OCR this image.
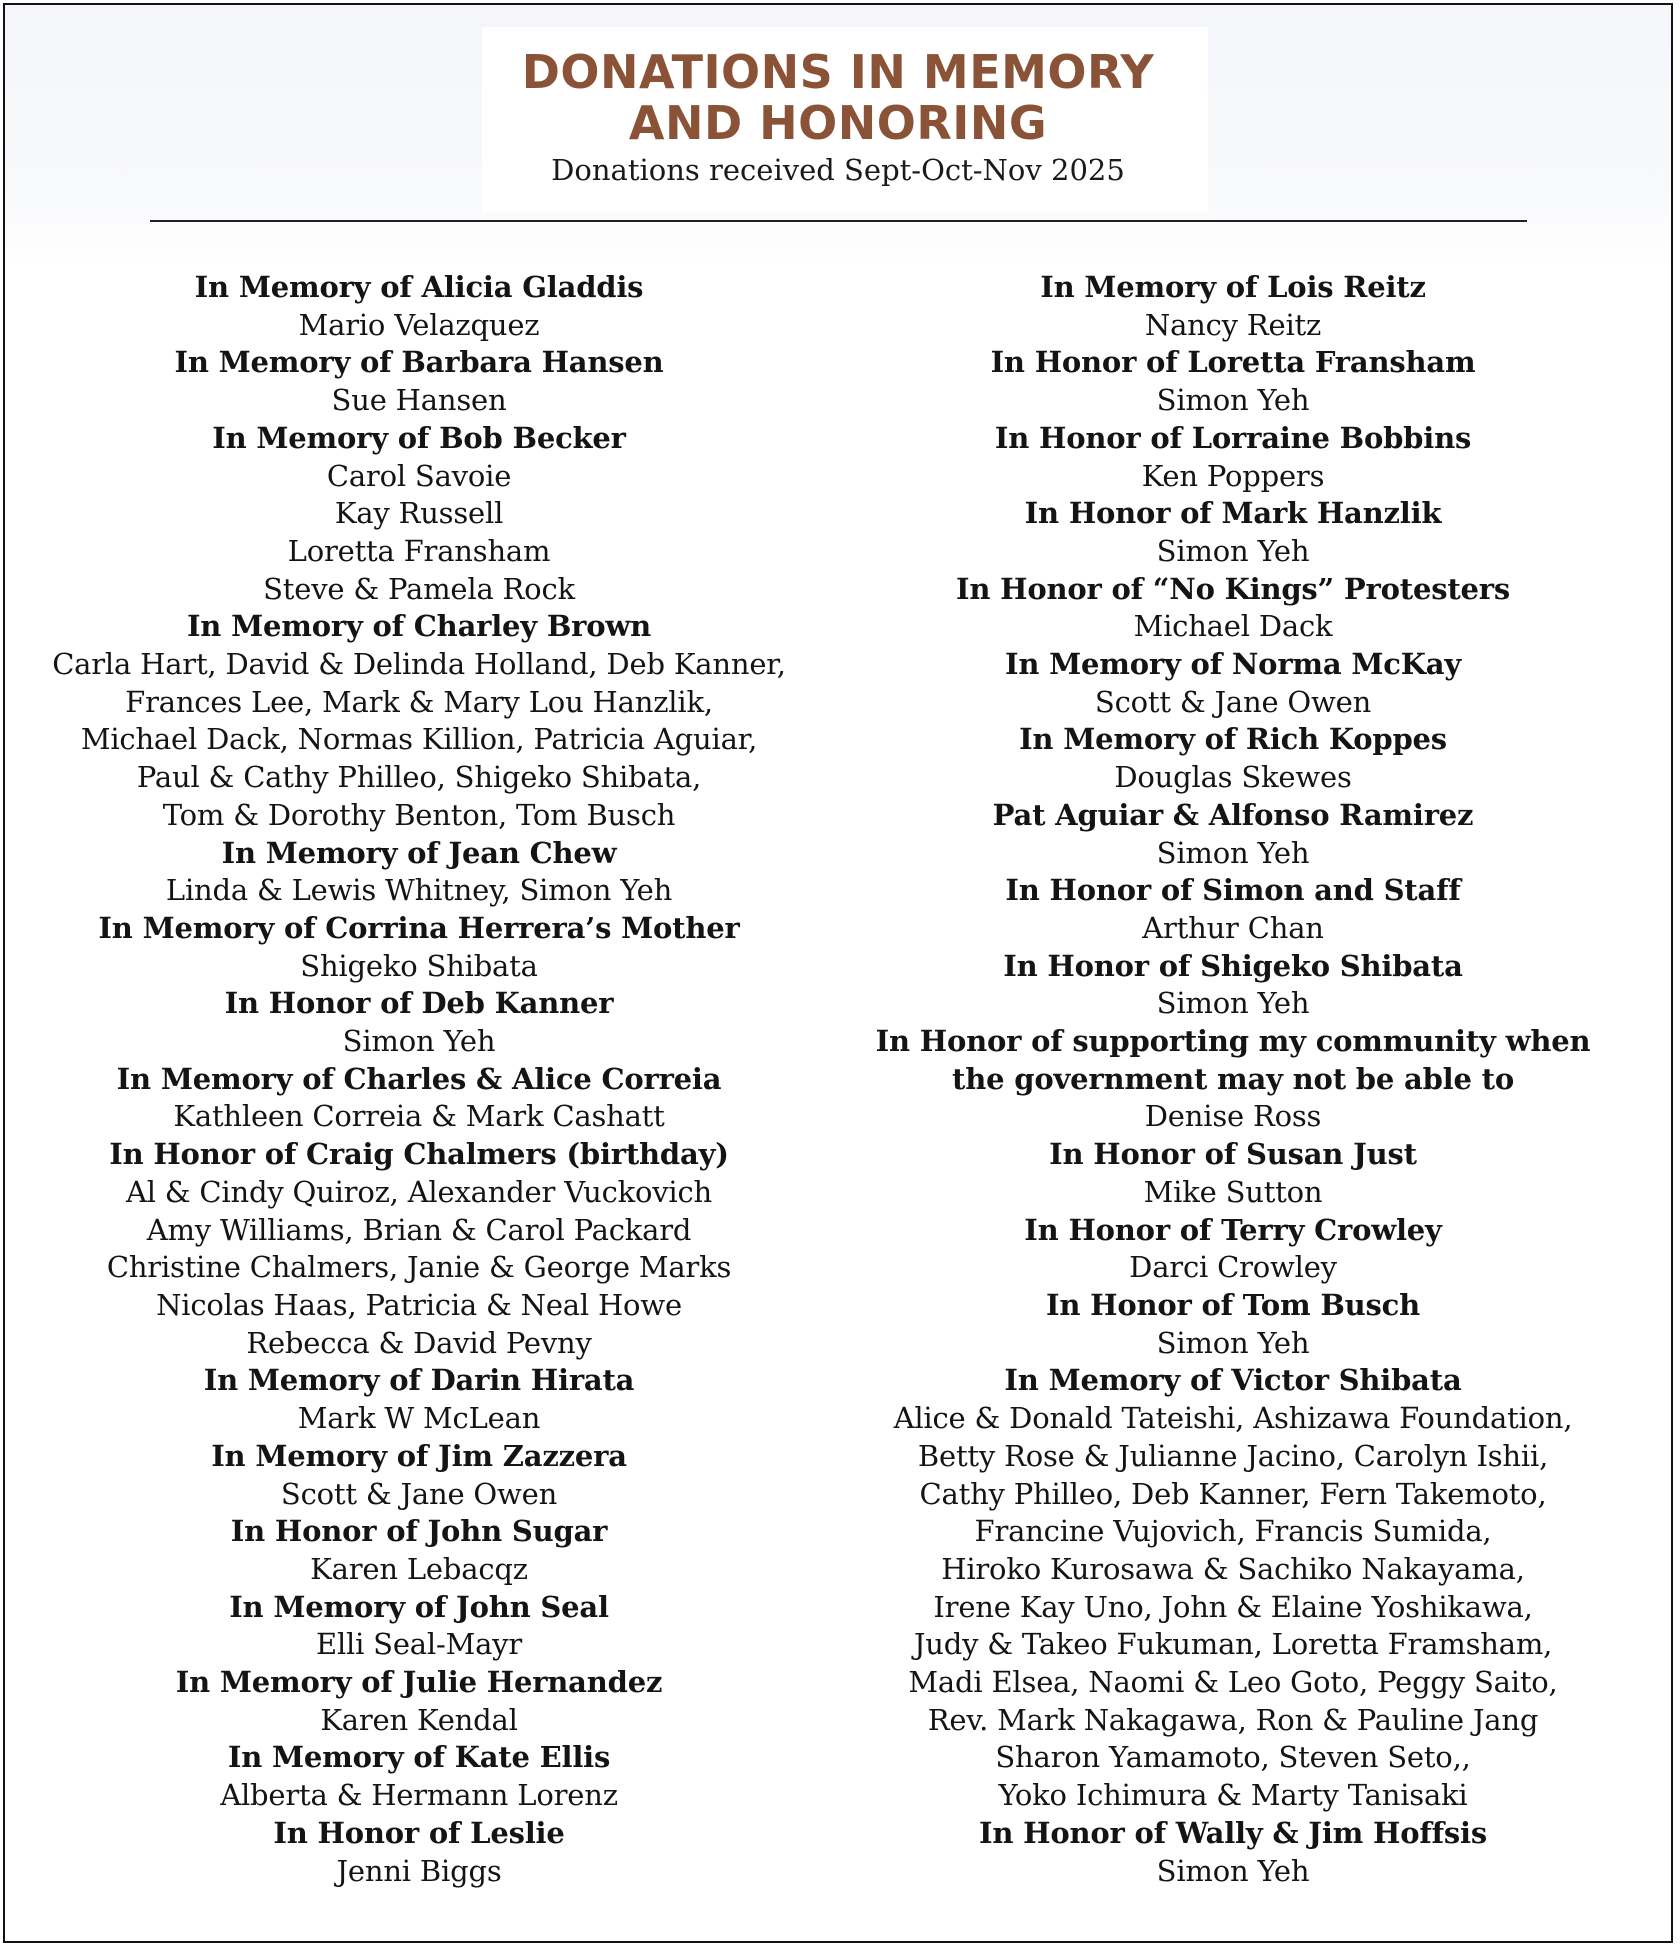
DONATIONS IN MEMORY
AND HONORING
Donations received Sept-Oct-Nov 2025
In Memory of Alicia Gladdis
Mario Velazquez
In Memory of Barbara Hansen
Sue Hansen
In Memory of Bob Becker
Carol Savoie
Kay Russell
Loretta Fransham
Steve & Pamela Rock
In Memory of Charley Brown
Carla Hart, David & Delinda Holland, Deb Kanner,
Frances Lee, Mark & Mary Lou Hanzlik,
Michael Dack, Normas Killion, Patricia Aguiar,
Paul & Cathy Philleo, Shigeko Shibata,
Tom & Dorothy Benton, Tom Busch
In Memory of Jean Chew
Linda & Lewis Whitney, Simon Yeh
In Memory of Corrina Herrera’s Mother
Shigeko Shibata
In Honor of Deb Kanner
Simon Yeh
In Memory of Charles & Alice Correia
Kathleen Correia & Mark Cashatt
In Honor of Craig Chalmers (birthday)
Al & Cindy Quiroz, Alexander Vuckovich
Amy Williams, Brian & Carol Packard
Christine Chalmers, Janie & George Marks
Nicolas Haas, Patricia & Neal Howe
Rebecca & David Pevny
In Memory of Darin Hirata
Mark W McLean
In Memory of Jim Zazzera
Scott & Jane Owen
In Honor of John Sugar
Karen Lebacqz
In Memory of John Seal
Elli Seal-Mayr
In Memory of Julie Hernandez
Karen Kendal
In Memory of Kate Ellis
Alberta & Hermann Lorenz
In Honor of Leslie
Jenni Biggs
In Memory of Lois Reitz
Nancy Reitz
In Honor of Loretta Fransham
Simon Yeh
In Honor of Lorraine Bobbins
Ken Poppers
In Honor of Mark Hanzlik
Simon Yeh
In Honor of “No Kings” Protesters
Michael Dack
In Memory of Norma McKay
Scott & Jane Owen
In Memory of Rich Koppes
Douglas Skewes
Pat Aguiar & Alfonso Ramirez
Simon Yeh
In Honor of Simon and Staff
Arthur Chan
In Honor of Shigeko Shibata
Simon Yeh
In Honor of supporting my community when
the government may not be able to
Denise Ross
In Honor of Susan Just
Mike Sutton
In Honor of Terry Crowley
Darci Crowley
In Honor of Tom Busch
Simon Yeh
In Memory of Victor Shibata
Alice & Donald Tateishi, Ashizawa Foundation,
Betty Rose & Julianne Jacino, Carolyn Ishii,
Cathy Philleo, Deb Kanner, Fern Takemoto,
Francine Vujovich, Francis Sumida,
Hiroko Kurosawa & Sachiko Nakayama,
Irene Kay Uno, John & Elaine Yoshikawa,
Judy & Takeo Fukuman, Loretta Framsham,
Madi Elsea, Naomi & Leo Goto, Peggy Saito,
Rev. Mark Nakagawa, Ron & Pauline Jang
Sharon Yamamoto, Steven Seto,,
Yoko Ichimura & Marty Tanisaki
In Honor of Wally & Jim Hoffsis
Simon Yeh
